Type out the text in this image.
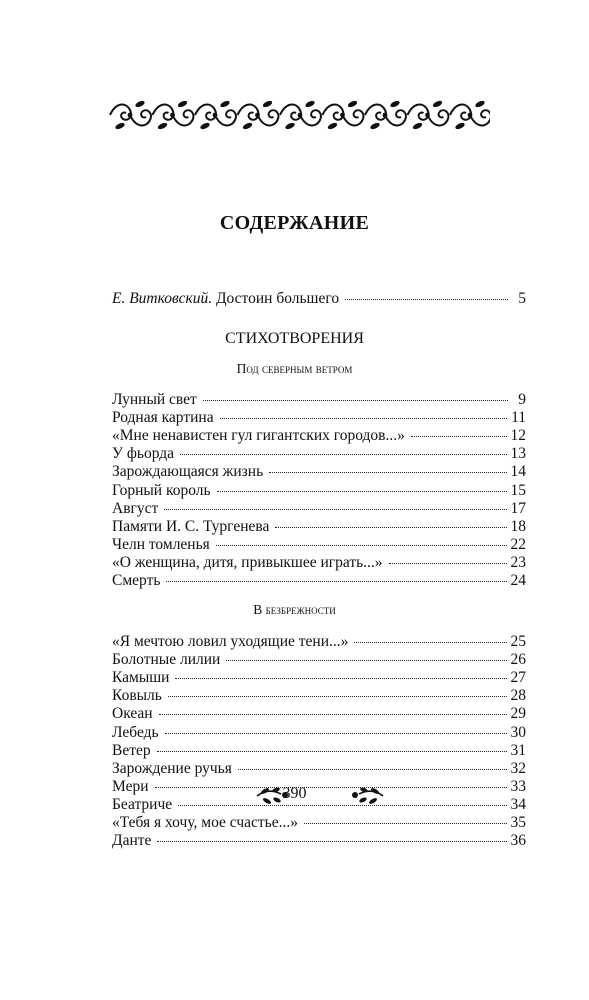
СОДЕРЖАНИЕ
Е. Витковский. Достоин большего	5
СТИХОТВОРЕНИЯ
Под северным ветром
Лунный свет	9
Родная картина	11
«Мне ненавистен гул гигантских городов...»	12
У фьорда	13
Зарождающаяся жизнь	14
Горный король	15
Август	17
Памяти И. С. Тургенева	18
Челн томленья	22
«О женщина, дитя, привыкшее играть...»	23
Смерть	24
В безбрежности
«Я мечтою ловил уходящие тени...»	25
Болотные лилии	26
Камыши	27
Ковыль	28
Океан	29
Лебедь	30
Ветер	31
Зарождение ручья	32
Мери	33
Беатриче	34
«Тебя я хочу, мое счастье...»	35
Данте	36
390
